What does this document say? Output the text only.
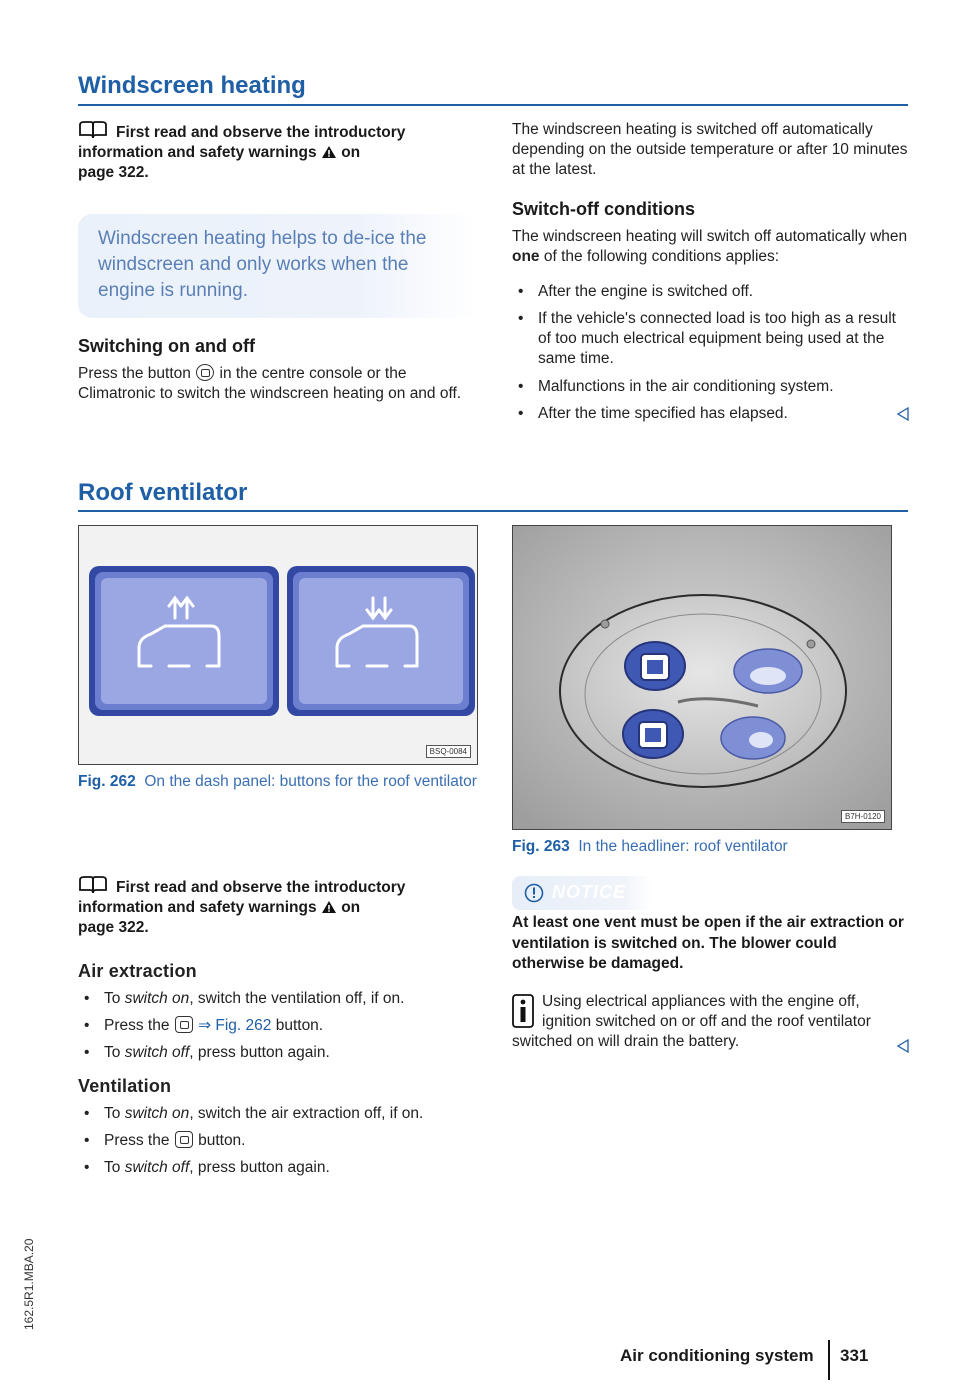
Windscreen heating
First read and observe the introductory information and safety warnings on
page 322.
Windscreen heating helps to de-ice the windscreen and only works when the engine is running.
Switching on and off
Press the button in the centre console or the Climatronic to switch the windscreen heating on and off.
The windscreen heating is switched off automatically depending on the outside temperature or after 10 minutes at the latest.
Switch-off conditions
The windscreen heating will switch off automatically when one of the following conditions applies:
• After the engine is switched off.
• If the vehicle's connected load is too high as a result of too much electrical equipment being used at the same time.
• Malfunctions in the air conditioning system.
• After the time specified has elapsed.
Roof ventilator
BSQ-0084
Fig. 262 On the dash panel: buttons for the roof ventilator
B7H-0120
Fig. 263 In the headliner: roof ventilator
First read and observe the introductory information and safety warnings on
page 322.
Air extraction
• To switch on, switch the ventilation off, if on.
• Press the  ⇒ Fig. 262 button.
• To switch off, press button again.
Ventilation
• To switch on, switch the air extraction off, if on.
• Press the  button.
• To switch off, press button again.
NOTICE
At least one vent must be open if the air extraction or ventilation is switched on. The blower could otherwise be damaged.
Using electrical appliances with the engine off, ignition switched on or off and the roof ventilator switched on will drain the battery.
162.5R1.MBA.20
Air conditioning system 331
